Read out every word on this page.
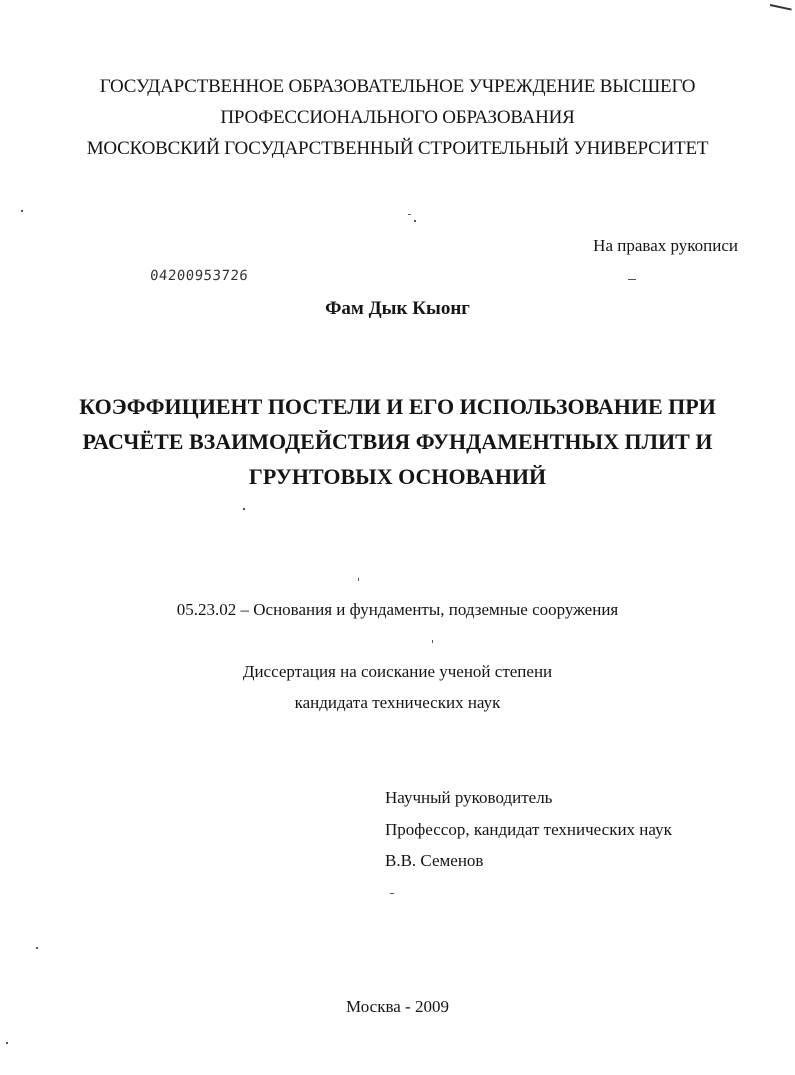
ГОСУДАРСТВЕННОЕ ОБРАЗОВАТЕЛЬНОЕ УЧРЕЖДЕНИЕ ВЫСШЕГО
ПРОФЕССИОНАЛЬНОГО ОБРАЗОВАНИЯ
МОСКОВСКИЙ ГОСУДАРСТВЕННЫЙ СТРОИТЕЛЬНЫЙ УНИВЕРСИТЕТ
На правах рукописи
04200953726
Фам Дык Кыонг
КОЭФФИЦИЕНТ ПОСТЕЛИ И ЕГО ИСПОЛЬЗОВАНИЕ ПРИ
РАСЧЁТЕ ВЗАИМОДЕЙСТВИЯ ФУНДАМЕНТНЫХ ПЛИТ И
ГРУНТОВЫХ ОСНОВАНИЙ
05.23.02 – Основания и фундаменты, подземные сооружения
Диссертация на соискание ученой степени
кандидата технических наук
Научный руководитель
Профессор, кандидат технических наук
В.В. Семенов
Москва - 2009
